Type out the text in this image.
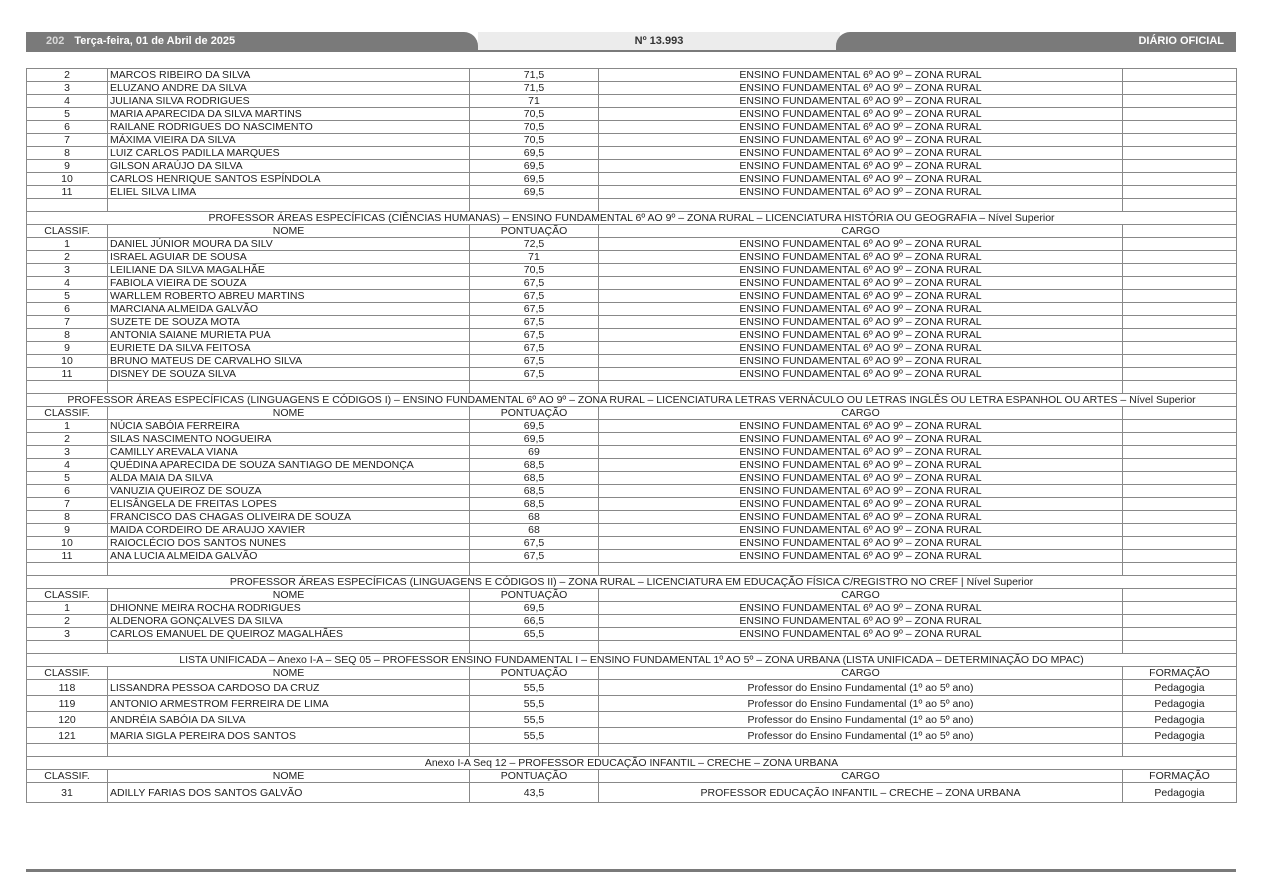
202 Terça-feira, 01 de Abril de 2025	Nº 13.993	DIÁRIO OFICIAL
2	MARCOS RIBEIRO DA SILVA	71,5	ENSINO FUNDAMENTAL 6º AO 9º – ZONA RURAL	
3	ELUZANO ANDRE DA SILVA	71,5	ENSINO FUNDAMENTAL 6º AO 9º – ZONA RURAL	
4	JULIANA SILVA RODRIGUES	71	ENSINO FUNDAMENTAL 6º AO 9º – ZONA RURAL	
5	MARIA APARECIDA DA SILVA MARTINS	70,5	ENSINO FUNDAMENTAL 6º AO 9º – ZONA RURAL	
6	RAILANE RODRIGUES DO NASCIMENTO	70,5	ENSINO FUNDAMENTAL 6º AO 9º – ZONA RURAL	
7	MÁXIMA VIEIRA DA SILVA	70,5	ENSINO FUNDAMENTAL 6º AO 9º – ZONA RURAL	
8	LUIZ CARLOS PADILLA MARQUES	69,5	ENSINO FUNDAMENTAL 6º AO 9º – ZONA RURAL	
9	GILSON ARAÚJO DA SILVA	69,5	ENSINO FUNDAMENTAL 6º AO 9º – ZONA RURAL	
10	CARLOS HENRIQUE SANTOS ESPÍNDOLA	69,5	ENSINO FUNDAMENTAL 6º AO 9º – ZONA RURAL	
11	ELIEL SILVA LIMA	69,5	ENSINO FUNDAMENTAL 6º AO 9º – ZONA RURAL	

PROFESSOR ÁREAS ESPECÍFICAS (CIÊNCIAS HUMANAS) – ENSINO FUNDAMENTAL 6º AO 9º – ZONA RURAL – LICENCIATURA HISTÓRIA OU GEOGRAFIA – Nível Superior				
CLASSIF.	NOME	PONTUAÇÃO	CARGO	
1	DANIEL JÚNIOR MOURA DA SILV	72,5	ENSINO FUNDAMENTAL 6º AO 9º – ZONA RURAL	
2	ISRAEL AGUIAR DE SOUSA	71	ENSINO FUNDAMENTAL 6º AO 9º – ZONA RURAL	
3	LEILIANE DA SILVA MAGALHÃE	70,5	ENSINO FUNDAMENTAL 6º AO 9º – ZONA RURAL	
4	FABIOLA VIEIRA DE SOUZA	67,5	ENSINO FUNDAMENTAL 6º AO 9º – ZONA RURAL	
5	WARLLEM ROBERTO ABREU MARTINS	67,5	ENSINO FUNDAMENTAL 6º AO 9º – ZONA RURAL	
6	MARCIANA ALMEIDA GALVÃO	67,5	ENSINO FUNDAMENTAL 6º AO 9º – ZONA RURAL	
7	SUZETE DE SOUZA MOTA	67,5	ENSINO FUNDAMENTAL 6º AO 9º – ZONA RURAL	
8	ANTONIA SAIANE MURIETA PUA	67,5	ENSINO FUNDAMENTAL 6º AO 9º – ZONA RURAL	
9	EURIETE DA SILVA FEITOSA	67,5	ENSINO FUNDAMENTAL 6º AO 9º – ZONA RURAL	
10	BRUNO MATEUS DE CARVALHO SILVA	67,5	ENSINO FUNDAMENTAL 6º AO 9º – ZONA RURAL	
11	DISNEY DE SOUZA SILVA	67,5	ENSINO FUNDAMENTAL 6º AO 9º – ZONA RURAL	

PROFESSOR ÁREAS ESPECÍFICAS (LINGUAGENS E CÓDIGOS I) – ENSINO FUNDAMENTAL 6º AO 9º – ZONA RURAL – LICENCIATURA LETRAS VERNÁCULO OU LETRAS INGLÊS OU LETRA ESPANHOL OU ARTES – Nível Superior				
CLASSIF.	NOME	PONTUAÇÃO	CARGO	
1	NÚCIA SABÓIA FERREIRA	69,5	ENSINO FUNDAMENTAL 6º AO 9º – ZONA RURAL	
2	SILAS NASCIMENTO NOGUEIRA	69,5	ENSINO FUNDAMENTAL 6º AO 9º – ZONA RURAL	
3	CAMILLY AREVALA VIANA	69	ENSINO FUNDAMENTAL 6º AO 9º – ZONA RURAL	
4	QUÉDINA APARECIDA DE SOUZA SANTIAGO DE MENDONÇA	68,5	ENSINO FUNDAMENTAL 6º AO 9º – ZONA RURAL	
5	ALDA MAIA DA SILVA	68,5	ENSINO FUNDAMENTAL 6º AO 9º – ZONA RURAL	
6	VANUZIA QUEIROZ DE SOUZA	68,5	ENSINO FUNDAMENTAL 6º AO 9º – ZONA RURAL	
7	ELISÂNGELA DE FREITAS LOPES	68,5	ENSINO FUNDAMENTAL 6º AO 9º – ZONA RURAL	
8	FRANCISCO DAS CHAGAS OLIVEIRA DE SOUZA	68	ENSINO FUNDAMENTAL 6º AO 9º – ZONA RURAL	
9	MAIDA CORDEIRO DE ARAUJO XAVIER	68	ENSINO FUNDAMENTAL 6º AO 9º – ZONA RURAL	
10	RAIOCLÉCIO DOS SANTOS NUNES	67,5	ENSINO FUNDAMENTAL 6º AO 9º – ZONA RURAL	
11	ANA LUCIA ALMEIDA GALVÃO	67,5	ENSINO FUNDAMENTAL 6º AO 9º – ZONA RURAL	

PROFESSOR ÁREAS ESPECÍFICAS (LINGUAGENS E CÓDIGOS II) – ZONA RURAL – LICENCIATURA EM EDUCAÇÃO FÍSICA C/REGISTRO NO CREF | Nível Superior				
CLASSIF.	NOME	PONTUAÇÃO	CARGO	
1	DHIONNE MEIRA ROCHA RODRIGUES	69,5	ENSINO FUNDAMENTAL 6º AO 9º – ZONA RURAL	
2	ALDENORA GONÇALVES DA SILVA	66,5	ENSINO FUNDAMENTAL 6º AO 9º – ZONA RURAL	
3	CARLOS EMANUEL DE QUEIROZ MAGALHÃES	65,5	ENSINO FUNDAMENTAL 6º AO 9º – ZONA RURAL	

LISTA UNIFICADA – Anexo I-A – SEQ 05 – PROFESSOR ENSINO FUNDAMENTAL I – ENSINO FUNDAMENTAL 1º AO 5º – ZONA URBANA (LISTA UNIFICADA – DETERMINAÇÃO DO MPAC)				
CLASSIF.	NOME	PONTUAÇÃO	CARGO	FORMAÇÃO
118	LISSANDRA PESSOA CARDOSO DA CRUZ	55,5	Professor do Ensino Fundamental (1º ao 5º ano)	Pedagogia
119	ANTONIO ARMESTROM FERREIRA DE LIMA	55,5	Professor do Ensino Fundamental (1º ao 5º ano)	Pedagogia
120	ANDRÉIA SABÓIA DA SILVA	55,5	Professor do Ensino Fundamental (1º ao 5º ano)	Pedagogia
121	MARIA SIGLA PEREIRA DOS SANTOS	55,5	Professor do Ensino Fundamental (1º ao 5º ano)	Pedagogia

Anexo I-A Seq 12 – PROFESSOR EDUCAÇÃO INFANTIL – CRECHE – ZONA URBANA				
CLASSIF.	NOME	PONTUAÇÃO	CARGO	FORMAÇÃO
31	ADILLY FARIAS DOS SANTOS GALVÃO	43,5	PROFESSOR EDUCAÇÃO INFANTIL – CRECHE – ZONA URBANA	Pedagogia
